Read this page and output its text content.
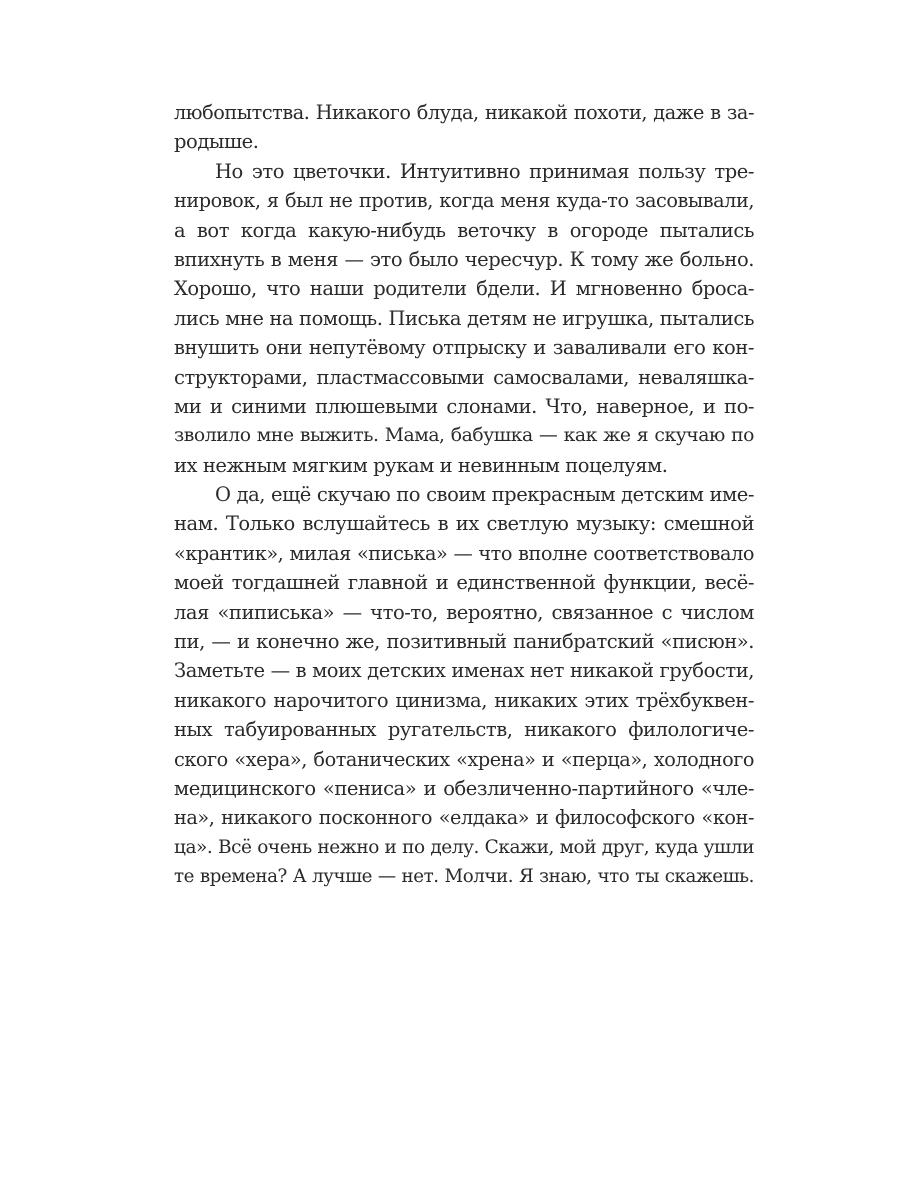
любопытства. Никакого блуда, никакой похоти, даже в за-
родыше.
Но это цветочки. Интуитивно принимая пользу тре-
нировок, я был не против, когда меня куда-то засовывали,
а вот когда какую-нибудь веточку в огороде пытались
впихнуть в меня — это было чересчур. К тому же больно.
Хорошо, что наши родители бдели. И мгновенно броса-
лись мне на помощь. Писька детям не игрушка, пытались
внушить они непутёвому отпрыску и заваливали его кон-
структорами, пластмассовыми самосвалами, неваляшка-
ми и синими плюшевыми слонами. Что, наверное, и по-
зволило мне выжить. Мама, бабушка — как же я скучаю по
их нежным мягким рукам и невинным поцелуям.
О да, ещё скучаю по своим прекрасным детским име-
нам. Только вслушайтесь в их светлую музыку: смешной
«крантик», милая «писька» — что вполне соответствовало
моей тогдашней главной и единственной функции, весё-
лая «пиписька» — что-то, вероятно, связанное с числом
пи, — и конечно же, позитивный панибратский «писюн».
Заметьте — в моих детских именах нет никакой грубости,
никакого нарочитого цинизма, никаких этих трёхбуквен-
ных табуированных ругательств, никакого филологиче-
ского «хера», ботанических «хрена» и «перца», холодного
медицинского «пениса» и обезличенно-партийного «чле-
на», никакого посконного «елдака» и философского «кон-
ца». Всё очень нежно и по делу. Скажи, мой друг, куда ушли
те времена? А лучше — нет. Молчи. Я знаю, что ты скажешь.
